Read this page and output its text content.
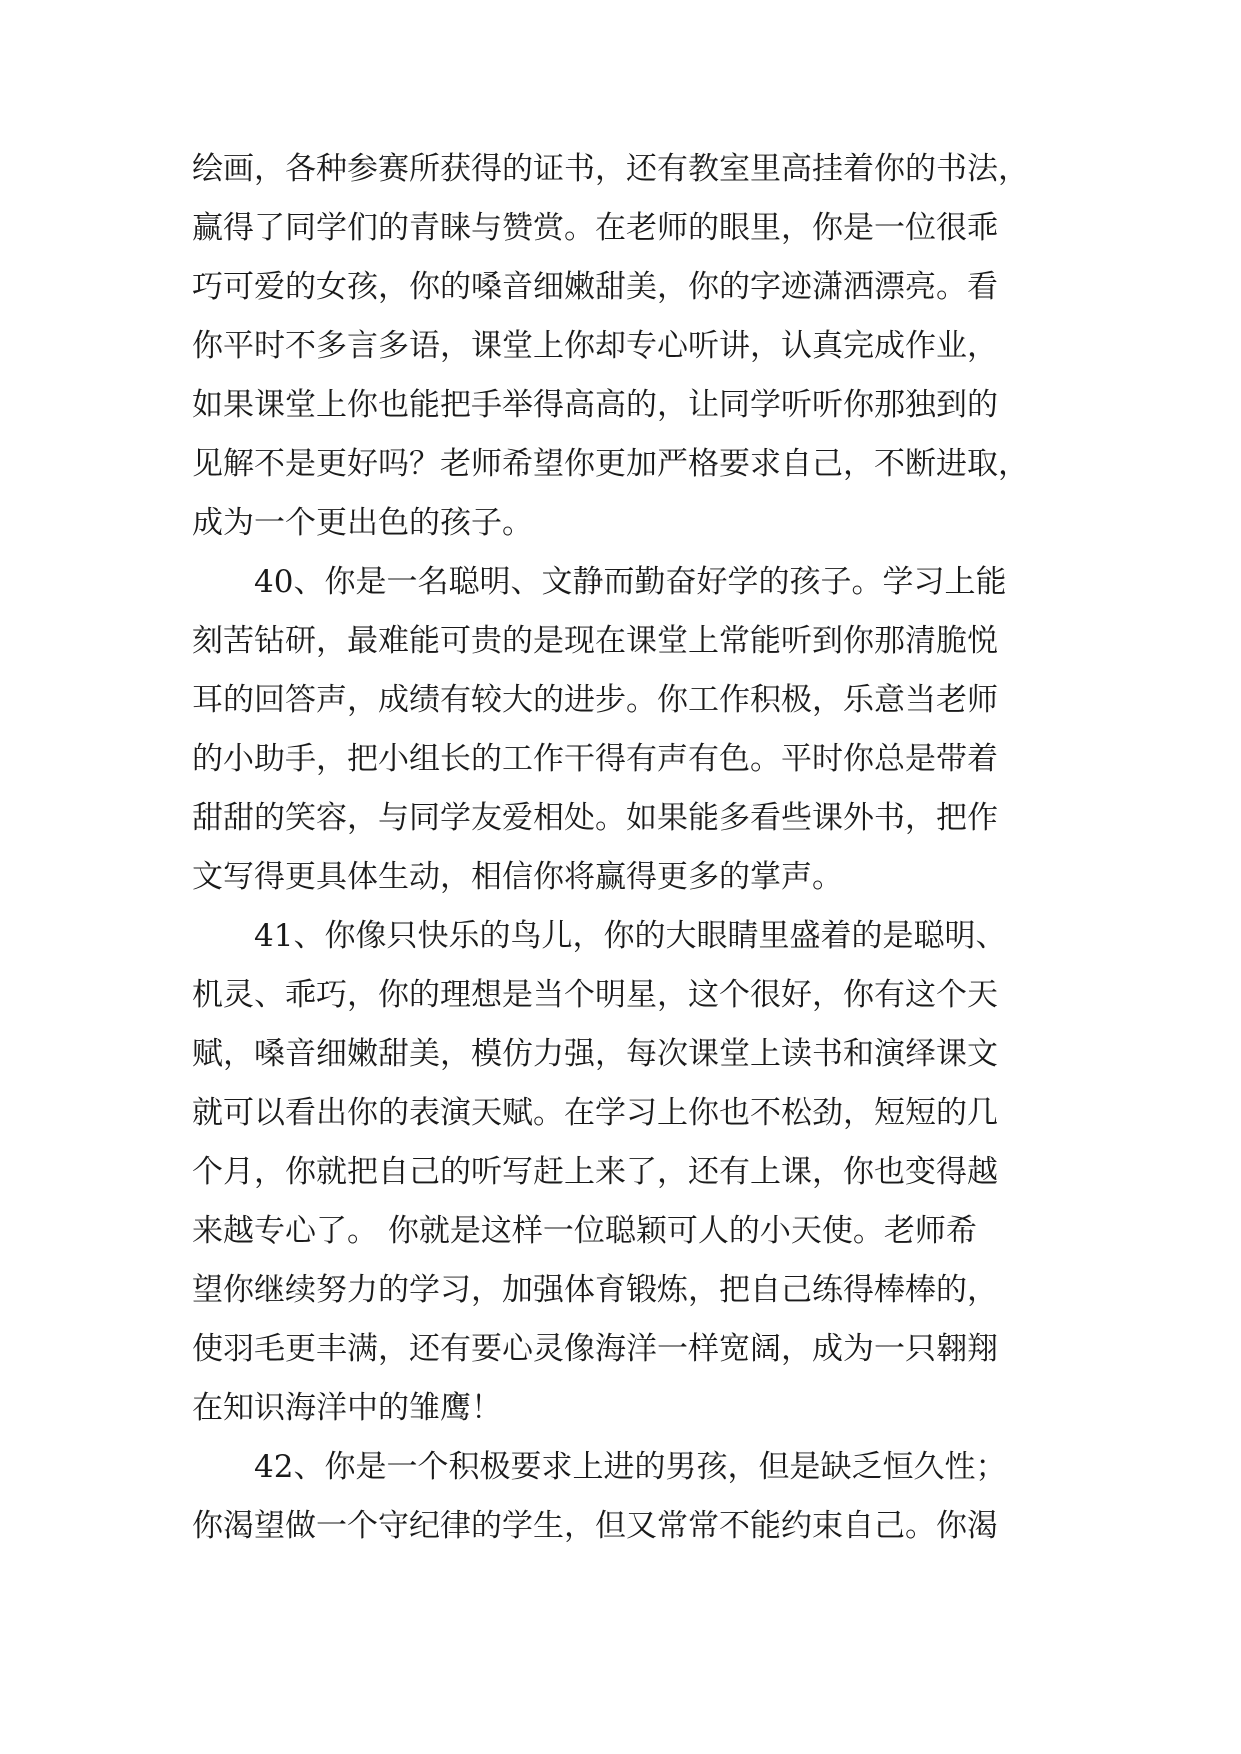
绘画，各种参赛所获得的证书，还有教室里高挂着你的书法，
赢得了同学们的青睐与赞赏。在老师的眼里，你是一位很乖
巧可爱的女孩，你的嗓音细嫩甜美，你的字迹潇洒漂亮。看
你平时不多言多语，课堂上你却专心听讲，认真完成作业，
如果课堂上你也能把手举得高高的，让同学听听你那独到的
见解不是更好吗？老师希望你更加严格要求自己，不断进取，
成为一个更出色的孩子。
40、你是一名聪明、文静而勤奋好学的孩子。学习上能
刻苦钻研，最难能可贵的是现在课堂上常能听到你那清脆悦
耳的回答声，成绩有较大的进步。你工作积极，乐意当老师
的小助手，把小组长的工作干得有声有色。平时你总是带着
甜甜的笑容，与同学友爱相处。如果能多看些课外书，把作
文写得更具体生动，相信你将赢得更多的掌声。
41、你像只快乐的鸟儿，你的大眼睛里盛着的是聪明、
机灵、乖巧，你的理想是当个明星，这个很好，你有这个天
赋，嗓音细嫩甜美，模仿力强，每次课堂上读书和演绎课文
就可以看出你的表演天赋。在学习上你也不松劲，短短的几
个月，你就把自己的听写赶上来了，还有上课，你也变得越
来越专心了。 你就是这样一位聪颖可人的小天使。老师希
望你继续努力的学习，加强体育锻炼，把自己练得棒棒的，
使羽毛更丰满，还有要心灵像海洋一样宽阔，成为一只翱翔
在知识海洋中的雏鹰！
42、你是一个积极要求上进的男孩，但是缺乏恒久性；
你渴望做一个守纪律的学生，但又常常不能约束自己。你渴
